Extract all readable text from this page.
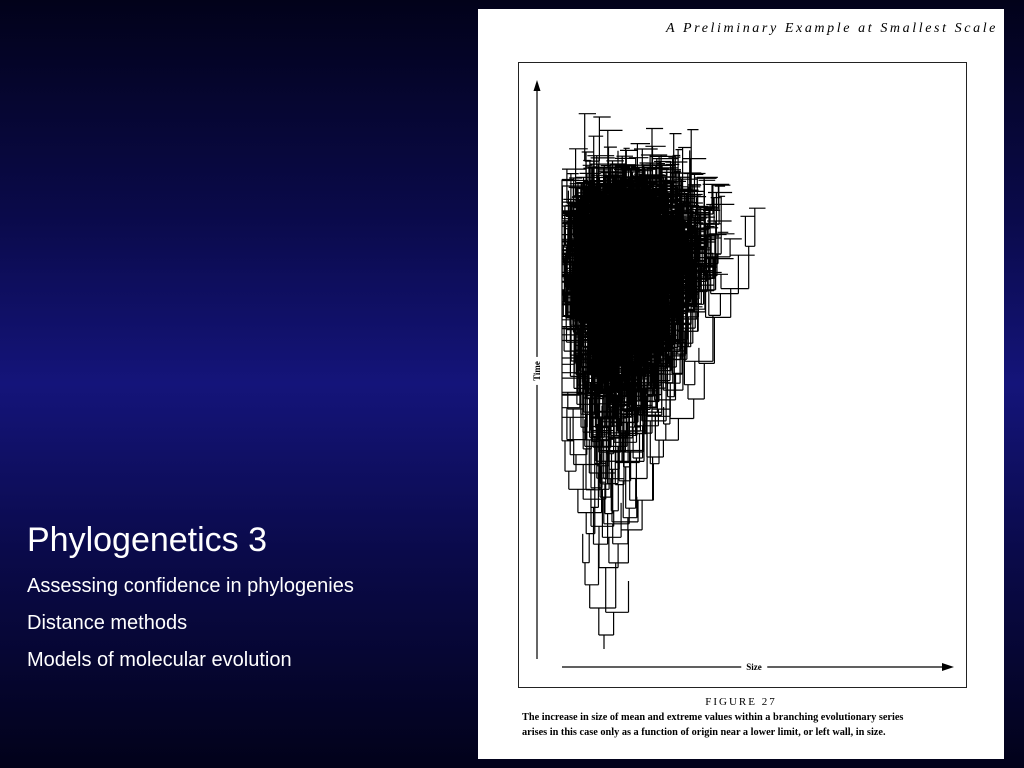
Phylogenetics 3
Assessing confidence in phylogenies
Distance methods
Models of molecular evolution
A Preliminary Example at Smallest Scale
Time
Size
FIGURE 27
The increase in size of mean and extreme values within a branching evolutionary series
arises in this case only as a function of origin near a lower limit, or left wall, in size.
